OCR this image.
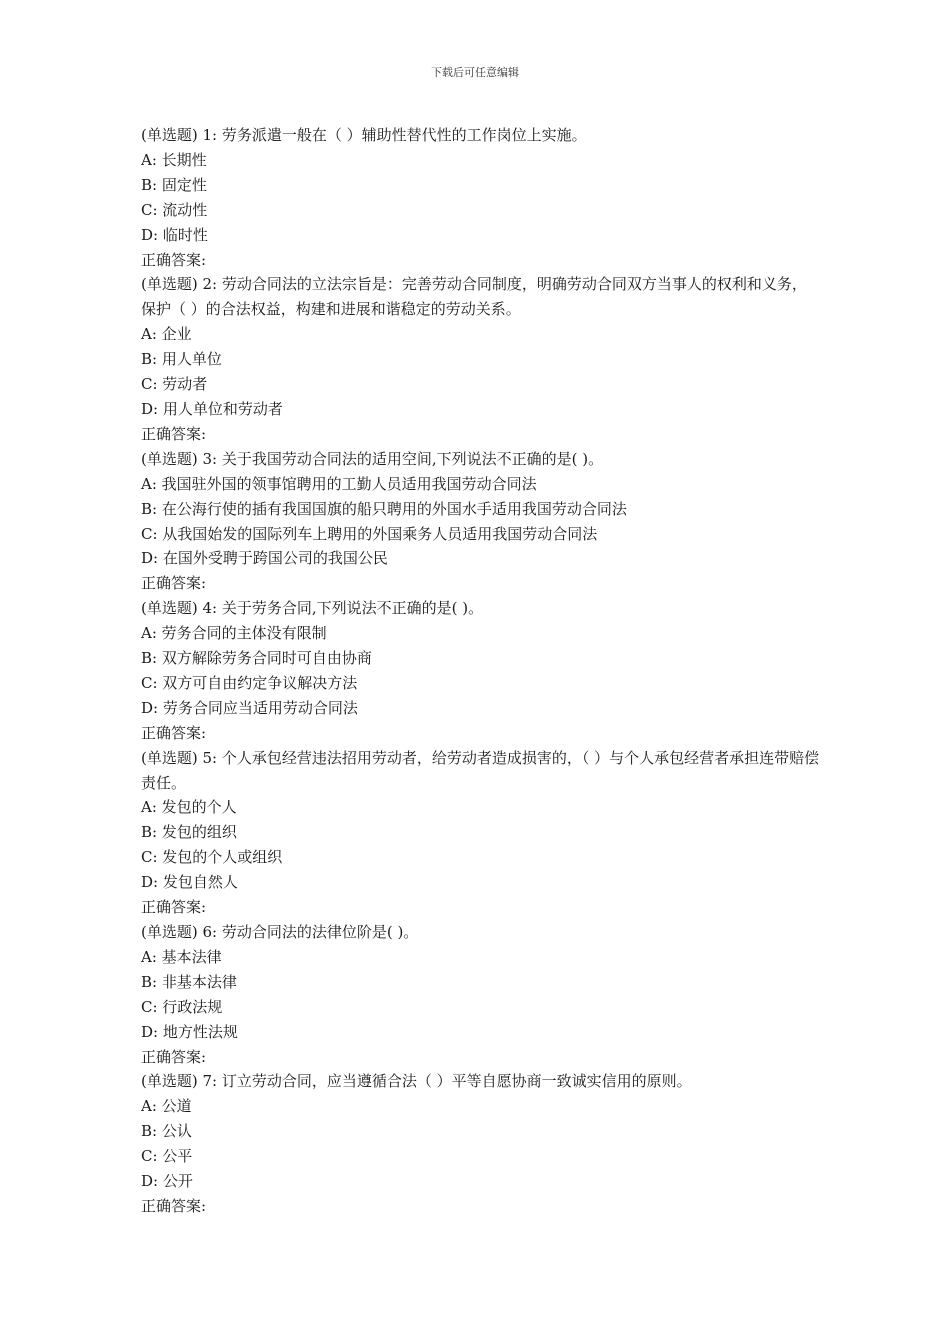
下载后可任意编辑
(单选题) 1: 劳务派遣一般在（ ）辅助性替代性的工作岗位上实施。
A: 长期性
B: 固定性
C: 流动性
D: 临时性
正确答案:
(单选题) 2: 劳动合同法的立法宗旨是：完善劳动合同制度，明确劳动合同双方当事人的权利和义务，保护（ ）的合法权益，构建和进展和谐稳定的劳动关系。
A: 企业
B: 用人单位
C: 劳动者
D: 用人单位和劳动者
正确答案:
(单选题) 3: 关于我国劳动合同法的适用空间,下列说法不正确的是( )。
A: 我国驻外国的领事馆聘用的工勤人员适用我国劳动合同法
B: 在公海行使的插有我国国旗的船只聘用的外国水手适用我国劳动合同法
C: 从我国始发的国际列车上聘用的外国乘务人员适用我国劳动合同法
D: 在国外受聘于跨国公司的我国公民
正确答案:
(单选题) 4: 关于劳务合同,下列说法不正确的是( )。
A: 劳务合同的主体没有限制
B: 双方解除劳务合同时可自由协商
C: 双方可自由约定争议解决方法
D: 劳务合同应当适用劳动合同法
正确答案:
(单选题) 5: 个人承包经营违法招用劳动者，给劳动者造成损害的，（ ）与个人承包经营者承担连带赔偿责任。
A: 发包的个人
B: 发包的组织
C: 发包的个人或组织
D: 发包自然人
正确答案:
(单选题) 6: 劳动合同法的法律位阶是( )。
A: 基本法律
B: 非基本法律
C: 行政法规
D: 地方性法规
正确答案:
(单选题) 7: 订立劳动合同，应当遵循合法（ ）平等自愿协商一致诚实信用的原则。
A: 公道
B: 公认
C: 公平
D: 公开
正确答案:
